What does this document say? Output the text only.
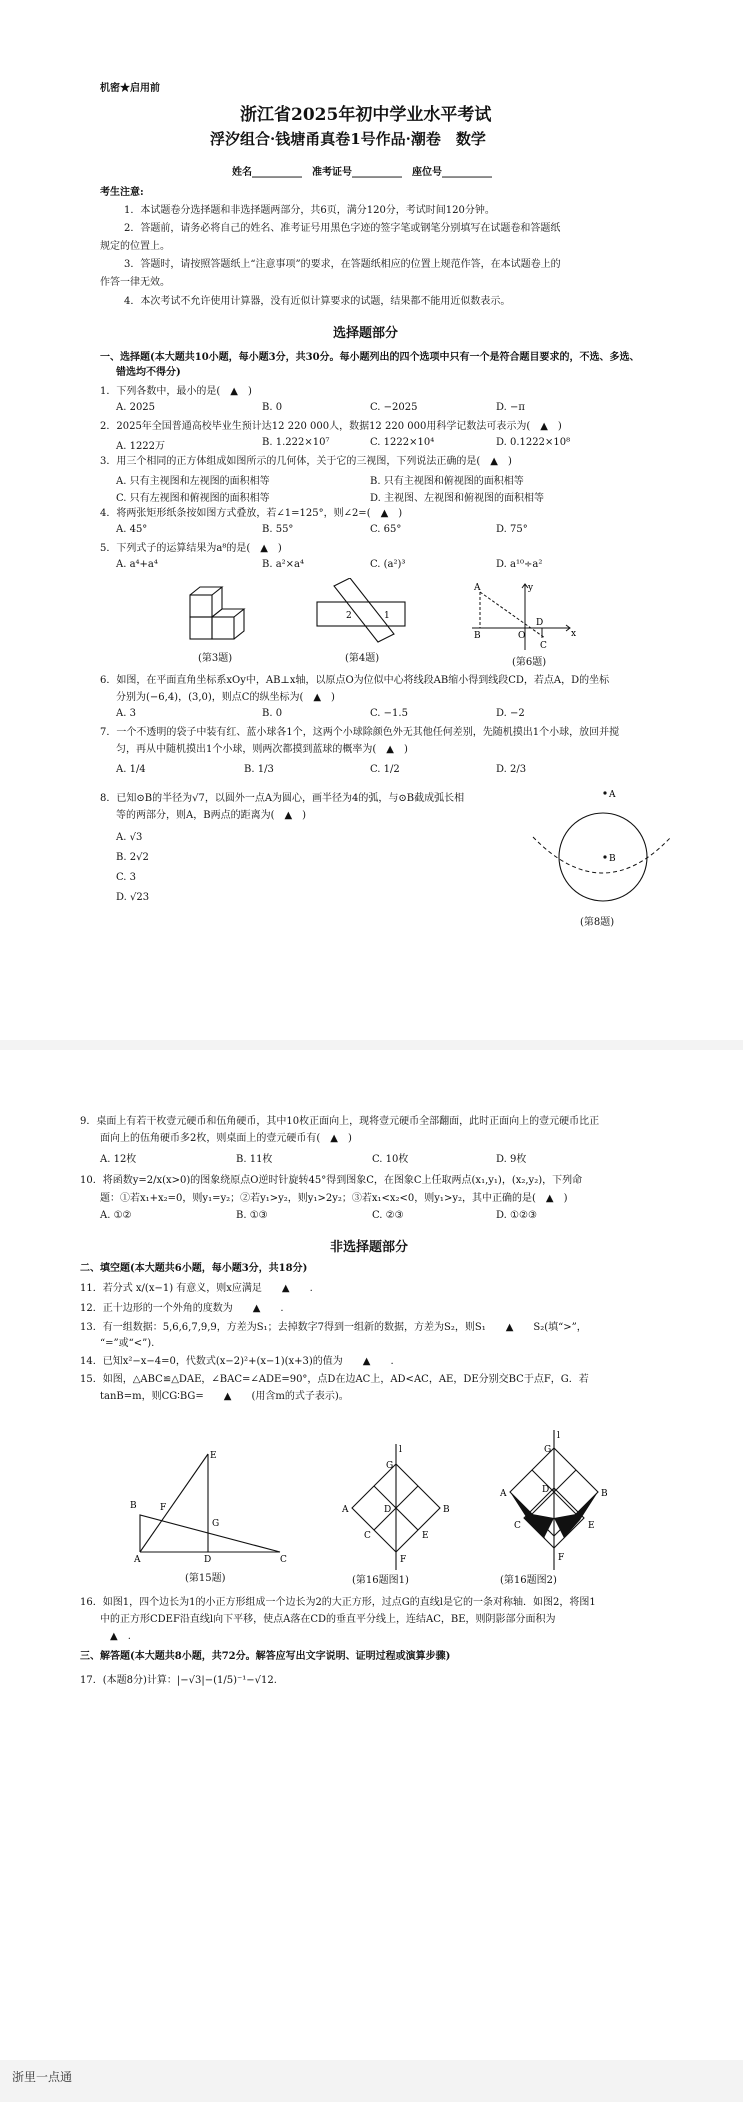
机密★启用前
浙江省2025年初中学业水平考试
浮汐组合·钱塘甬真卷1号作品·潮卷　数学
姓名__________　准考证号__________　座位号__________
考生注意:
1．本试题卷分选择题和非选择题两部分，共6页，满分120分，考试时间120分钟。
2．答题前，请务必将自己的姓名、准考证号用黑色字迹的签字笔或钢笔分别填写在试题卷和答题纸
规定的位置上。
3．答题时，请按照答题纸上“注意事项”的要求，在答题纸相应的位置上规范作答，在本试题卷上的
作答一律无效。
4．本次考试不允许使用计算器，没有近似计算要求的试题，结果都不能用近似数表示。
选择题部分
一、选择题(本大题共10小题，每小题3分，共30分。每小题列出的四个选项中只有一个是符合题目要求的，不选、多选、
错选均不得分)
1．下列各数中，最小的是(　▲　)
A. 2025	B. 0	C. −2025	D. −π
2．2025年全国普通高校毕业生预计达12 220 000人，数据12 220 000用科学记数法可表示为(　▲　)
A. 1222万	B. 1.222×10⁷	C. 1222×10⁴	D. 0.1222×10⁸
3．用三个相同的正方体组成如图所示的几何体，关于它的三视图，下列说法正确的是(　▲　)
A. 只有主视图和左视图的面积相等	B. 只有主视图和俯视图的面积相等
C. 只有左视图和俯视图的面积相等	D. 主视图、左视图和俯视图的面积相等
4．将两张矩形纸条按如图方式叠放，若∠1=125°，则∠2=(　▲　)
A. 45°	B. 55°	C. 65°	D. 75°
5．下列式子的运算结果为a⁸的是(　▲　)
A. a⁴+a⁴	B. a²×a⁴	C. (a²)³	D. a¹⁰÷a²
(第3题)
2	1
(第4题)
A
B	O
D
C
y
x
(第6题)
6．如图，在平面直角坐标系xOy中，AB⊥x轴，以原点O为位似中心将线段AB缩小得到线段CD，若点A，D的坐标
分别为(−6,4)，(3,0)，则点C的纵坐标为(　▲　)
A. 3	B. 0	C. −1.5	D. −2
7．一个不透明的袋子中装有红、蓝小球各1个，这两个小球除颜色外无其他任何差别，先随机摸出1个小球，放回并搅
匀，再从中随机摸出1个小球，则两次都摸到蓝球的概率为(　▲　)
A. 1/4	B. 1/3	C. 1/2	D. 2/3
8．已知⊙B的半径为√7，以圆外一点A为圆心，画半径为4的弧，与⊙B截成弧长相
等的两部分，则A，B两点的距离为(　▲　)
A. √3
B. 2√2
C. 3
D. √23
A
B
(第8题)
9．桌面上有若干枚壹元硬币和伍角硬币，其中10枚正面向上，现将壹元硬币全部翻面，此时正面向上的壹元硬币比正
面向上的伍角硬币多2枚，则桌面上的壹元硬币有(　▲　)
A. 12枚	B. 11枚	C. 10枚	D. 9枚
10．将函数y=2/x(x>0)的图象绕原点O逆时针旋转45°得到图象C，在图象C上任取两点(x₁,y₁)，(x₂,y₂)，下列命
题：①若x₁+x₂=0，则y₁=y₂；②若y₁>y₂，则y₁>2y₂；③若x₁<x₂<0，则y₁>y₂，其中正确的是(　▲　)
A. ①②	B. ①③	C. ②③	D. ①②③
非选择题部分
二、填空题(本大题共6小题，每小题3分，共18分)
11．若分式 x/(x−1) 有意义，则x应满足　　▲　　.
12．正十边形的一个外角的度数为　　▲　　.
13．有一组数据：5,6,6,7,9,9，方差为S₁；去掉数字7得到一组新的数据，方差为S₂，则S₁　　▲　　S₂(填“>”，
“=”或“<”).
14．已知x²−x−4=0，代数式(x−2)²+(x−1)(x+3)的值为　　▲　　.
15．如图，△ABC≌△DAE，∠BAC=∠ADE=90°，点D在边AC上，AD<AC，AE，DE分别交BC于点F，G．若
tanB=m，则CG∶BG=　　▲　　(用含m的式子表示)。
B
E
F
G
A	D	C
(第15题)
l
G
A	B
D
C	E
F
(第16题图1)
l
G
A	B
D
C	E
F
(第16题图2)
16．如图1，四个边长为1的小正方形组成一个边长为2的大正方形，过点G的直线l是它的一条对称轴．如图2，将图1
中的正方形CDEF沿直线l向下平移，使点A落在CD的垂直平分线上，连结AC，BE，则阴影部分面积为
　▲　.
三、解答题(本大题共8小题，共72分。解答应写出文字说明、证明过程或演算步骤)
17．(本题8分)计算：|−√3|−(1/5)⁻¹−√12.
浙里一点通
